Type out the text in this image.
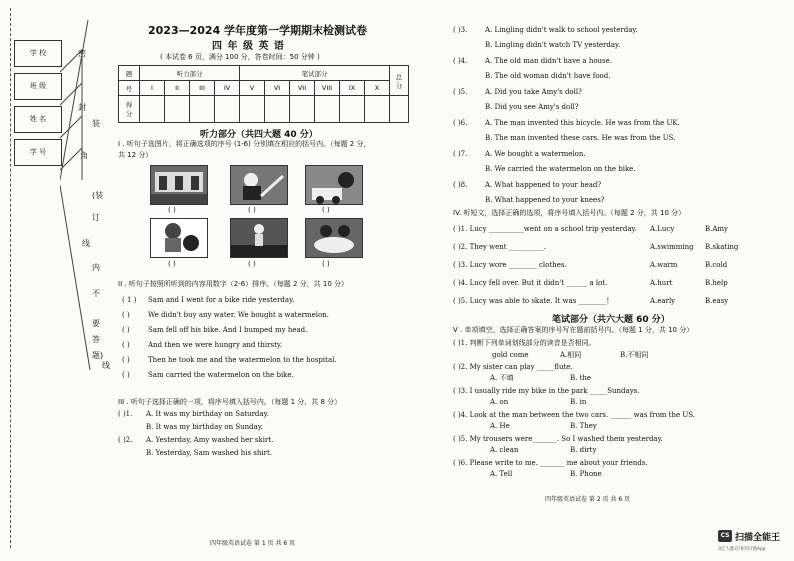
学 校
班 级
姓 名
学 号
密
封
装
角
(装
订
线
内
不
要
答
题)
线
2023—2024 学年度第一学期期末检测试卷
四 年 级 英 语
( 本试卷 6 页，满分 100 分，答卷时间：50 分钟 )
题	听力部分				笔试部分						总
分
号	I	II	III	IV	V	VI	VII	VIII	IX	X	
得
分											
听力部分（共四大题 40 分）
I . 听句子选图片，将正确选项的序号 (1-6) 分别填在相应的括号内。（每题 2 分，
共 12 分）
( )	( )	( )
( )	( )	( )
II . 听句子按照所听到的内容用数字（2-6）排序。（每题 2 分，共 10 分）
( 1 ) Sam and I went for a bike ride yesterday.
( )	We didn't buy any water. We bought a watermelon.
( )	Sam fell off his bike. And I bumped my head.
( )	And then we were hungry and thirsty.
( )	Then he took me and the watermelon to the hospital.
( )	Sam carried the watermelon on the bike.
III . 听句子选择正确的一项，将序号填入括号内。（每题 1 分，共 8 分）
( )1. A. It was my birthday on Saturday.
B. It was my birthday on Sunday.
( )2. A. Yesterday, Amy washed her skirt.
B. Yesterday, Sam washed his shirt.
四年级英语试卷 第 1 页 共 6 页
( )3.	A. Lingling didn't walk to school yesterday.
B. Lingling didn't watch TV yesterday.
( )4.	A. The old man didn't have a house.
B. The old woman didn't have food.
( )5.	A. Did you take Amy's doll?
B. Did you see Amy's doll?
( )6.	A. The man invented this bicycle. He was from the UK.
B. The man invented these cars. He was from the US.
( )7.	A. We bought a watermelon.
B. We carried the watermelon on the bike.
( )8.	A. What happened to your head?
B. What happened to your knees?
IV. 听短文，选择正确的选项，将序号填入括号内。（每题 2 分，共 10 分）
( )1. Lucy __________went on a school trip yesterday. A.Lucy	B.Amy
( )2. They went __________.	A.swimming B.skating
( )3. Lucy wore ________ clothes.	A.warm	B.cold
( )4. Lucy fell over. But it didn't ______ a lot.	A.hurt	B.help
( )5. Lucy was able to skate. It was ________!	A.early	B.easy
笔试部分（共六大题 60 分）
V . 单项填空。选择正确答案的序号写在题前括号内。（每题 1 分，共 10 分）
( )1. 判断下列单词划线部分的读音是否相同。
gold come	A.相同	B.不相同
( )2. My sister can play _____flute.
A. 不填	B. the
( )3. I usually ride my bike in the park _____Sundays.
A. on	B. in
( )4. Look at the man between the two cars. ______ was from the US.
A. He	B. They
( )5. My trousers were_______. So I washed them yesterday.
A. clean	B. dirty
( )6. Please write to me. _______ me about your friends.
A. Tell	B. Phone
四年级英语试卷 第 2 页 共 6 页
CS 扫描全能王
3亿人都在用的扫描App
